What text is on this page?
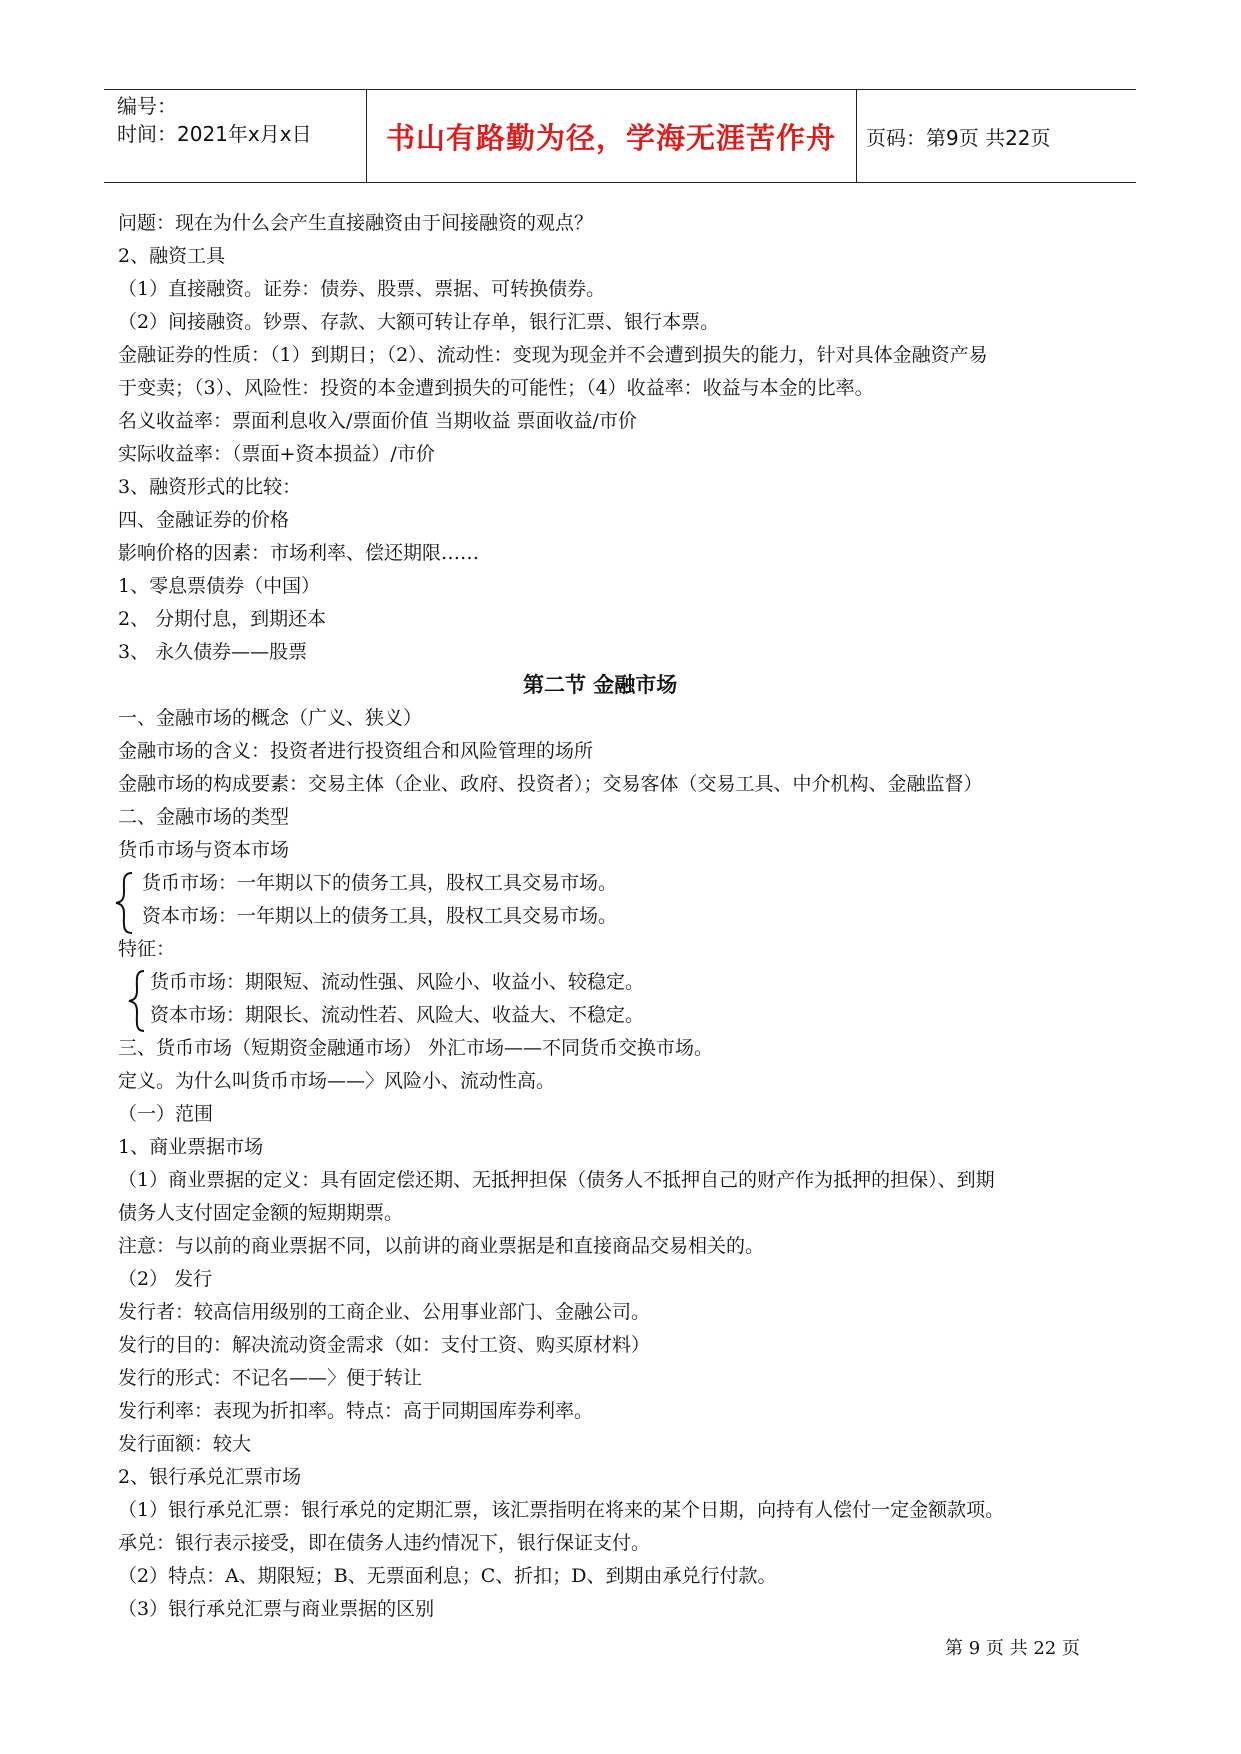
编号：
时间：2021年x月x日	书山有路勤为径，学海无涯苦作舟	页码：第9页 共22页
问题：现在为什么会产生直接融资由于间接融资的观点？
2、融资工具
（1）直接融资。证券：债券、股票、票据、可转换债券。
（2）间接融资。钞票、存款、大额可转让存单，银行汇票、银行本票。
金融证券的性质：（1）到期日；（2）、流动性：变现为现金并不会遭到损失的能力，针对具体金融资产易
于变卖；（3）、风险性：投资的本金遭到损失的可能性；（4）收益率：收益与本金的比率。
名义收益率：票面利息收入/票面价值 当期收益 票面收益/市价
实际收益率：（票面+资本损益）/市价
3、融资形式的比较：
四、金融证券的价格
影响价格的因素：市场利率、偿还期限……
1、零息票债券（中国）
2、 分期付息，到期还本
3、 永久债券——股票
第二节 金融市场
一、金融市场的概念（广义、狭义）
金融市场的含义：投资者进行投资组合和风险管理的场所
金融市场的构成要素：交易主体（企业、政府、投资者）；交易客体（交易工具、中介机构、金融监督）
二、金融市场的类型
货币市场与资本市场
货币市场：一年期以下的债务工具，股权工具交易市场。
资本市场：一年期以上的债务工具，股权工具交易市场。
特征：
货币市场：期限短、流动性强、风险小、收益小、较稳定。
资本市场：期限长、流动性若、风险大、收益大、不稳定。
三、货币市场（短期资金融通市场） 外汇市场——不同货币交换市场。
定义。为什么叫货币市场——〉风险小、流动性高。
（一）范围
1、商业票据市场
（1）商业票据的定义：具有固定偿还期、无抵押担保（债务人不抵押自己的财产作为抵押的担保）、到期
债务人支付固定金额的短期期票。
注意：与以前的商业票据不同，以前讲的商业票据是和直接商品交易相关的。
（2） 发行
发行者：较高信用级别的工商企业、公用事业部门、金融公司。
发行的目的：解决流动资金需求（如：支付工资、购买原材料）
发行的形式：不记名——〉便于转让
发行利率：表现为折扣率。特点：高于同期国库券利率。
发行面额：较大
2、银行承兑汇票市场
（1）银行承兑汇票：银行承兑的定期汇票，该汇票指明在将来的某个日期，向持有人偿付一定金额款项。
承兑：银行表示接受，即在债务人违约情况下，银行保证支付。
（2）特点：A、期限短；B、无票面利息；C、折扣；D、到期由承兑行付款。
（3）银行承兑汇票与商业票据的区别
第 9 页 共 22 页
